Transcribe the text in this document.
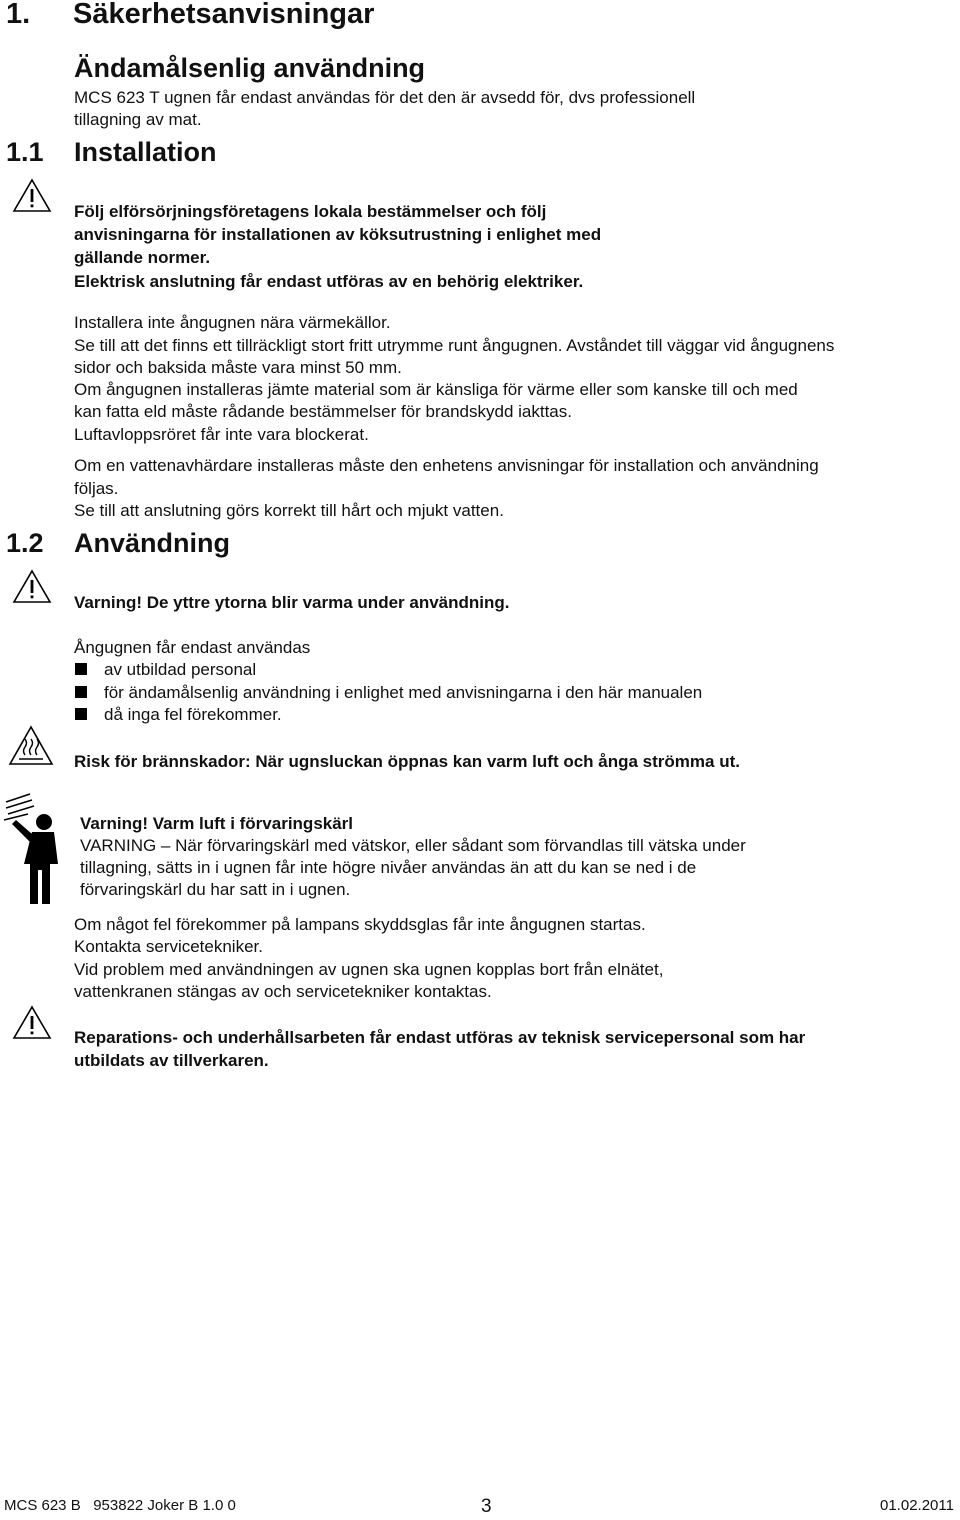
1. Säkerhetsanvisningar
Ändamålsenlig användning
MCS 623 T ugnen får endast användas för det den är avsedd för, dvs professionell
tillagning av mat.
1.1 Installation
Följ elförsörjningsföretagens lokala bestämmelser och följ
anvisningarna för installationen av köksutrustning i enlighet med
gällande normer.
Elektrisk anslutning får endast utföras av en behörig elektriker.
Installera inte ångugnen nära värmekällor.
Se till att det finns ett tillräckligt stort fritt utrymme runt ångugnen. Avståndet till väggar vid ångugnens
sidor och baksida måste vara minst 50 mm.
Om ångugnen installeras jämte material som är känsliga för värme eller som kanske till och med
kan fatta eld måste rådande bestämmelser för brandskydd iakttas.
Luftavloppsröret får inte vara blockerat.
Om en vattenavhärdare installeras måste den enhetens anvisningar för installation och användning
följas.
Se till att anslutning görs korrekt till hårt och mjukt vatten.
1.2 Användning
Varning! De yttre ytorna blir varma under användning.
Ångugnen får endast användas
av utbildad personal
för ändamålsenlig användning i enlighet med anvisningarna i den här manualen
då inga fel förekommer.
Risk för brännskador: När ugnsluckan öppnas kan varm luft och ånga strömma ut.
Varning! Varm luft i förvaringskärl
VARNING – När förvaringskärl med vätskor, eller sådant som förvandlas till vätska under
tillagning, sätts in i ugnen får inte högre nivåer användas än att du kan se ned i de
förvaringskärl du har satt in i ugnen.
Om något fel förekommer på lampans skyddsglas får inte ångugnen startas.
Kontakta servicetekniker.
Vid problem med användningen av ugnen ska ugnen kopplas bort från elnätet,
vattenkranen stängas av och servicetekniker kontaktas.
Reparations- och underhållsarbeten får endast utföras av teknisk servicepersonal som har
utbildats av tillverkaren.
MCS 623 B   953822 Joker B 1.0 0	3	01.02.2011
